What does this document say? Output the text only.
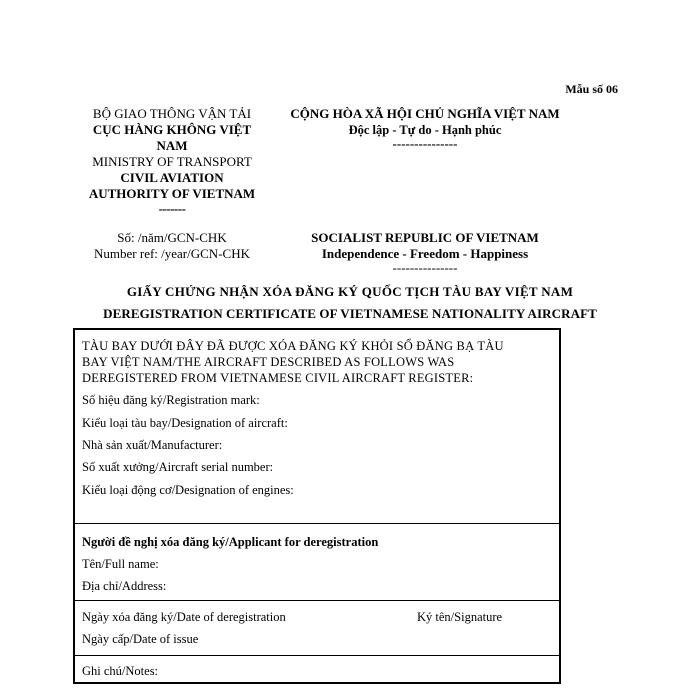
Mẫu số 06
BỘ GIAO THÔNG VẬN TẢI
CỤC HÀNG KHÔNG VIỆT
NAM
MINISTRY OF TRANSPORT
CIVIL AVIATION
AUTHORITY OF VIETNAM
-------
CỘNG HÒA XÃ HỘI CHỦ NGHĨA VIỆT NAM
Độc lập - Tự do - Hạnh phúc
---------------
Số: /năm/GCN-CHK
Number ref: /year/GCN-CHK
SOCIALIST REPUBLIC OF VIETNAM
Independence - Freedom - Happiness
---------------
GIẤY CHỨNG NHẬN XÓA ĐĂNG KÝ QUỐC TỊCH TÀU BAY VIỆT NAM
DEREGISTRATION CERTIFICATE OF VIETNAMESE NATIONALITY AIRCRAFT
TÀU BAY DƯỚI ĐÂY ĐÃ ĐƯỢC XÓA ĐĂNG KÝ KHỎI SỔ ĐĂNG BẠ TÀU
BAY VIỆT NAM/THE AIRCRAFT DESCRIBED AS FOLLOWS WAS
DEREGISTERED FROM VIETNAMESE CIVIL AIRCRAFT REGISTER:
Số hiệu đăng ký/Registration mark:
Kiểu loại tàu bay/Designation of aircraft:
Nhà sản xuất/Manufacturer:
Số xuất xưởng/Aircraft serial number:
Kiểu loại động cơ/Designation of engines:
Người đề nghị xóa đăng ký/Applicant for deregistration
Tên/Full name:
Địa chỉ/Address:
Ngày xóa đăng ký/Date of deregistration	Ký tên/Signature
Ngày cấp/Date of issue
Ghi chú/Notes:
